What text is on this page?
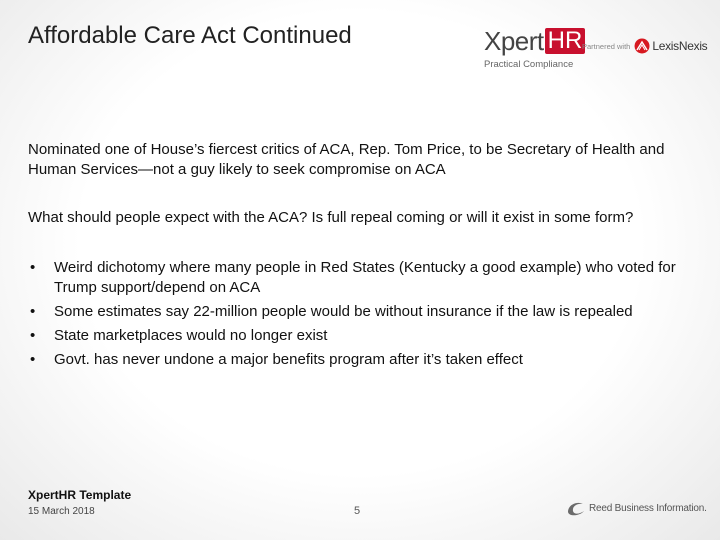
Affordable Care Act Continued	Xpert HR
Practical Compliance
Partnered with LexisNexis

Nominated one of House’s fiercest critics of ACA, Rep. Tom Price, to be Secretary of Health and Human Services—not a guy likely to seek compromise on ACA

What should people expect with the ACA? Is full repeal coming or will it exist in some form?

• Weird dichotomy where many people in Red States (Kentucky a good example) who voted for Trump support/depend on ACA
• Some estimates say 22-million people would be without insurance if the law is repealed
• State marketplaces would no longer exist
• Govt. has never undone a major benefits program after it’s taken effect
XpertHR Template
15 March 2018	5	Reed Business Information.
